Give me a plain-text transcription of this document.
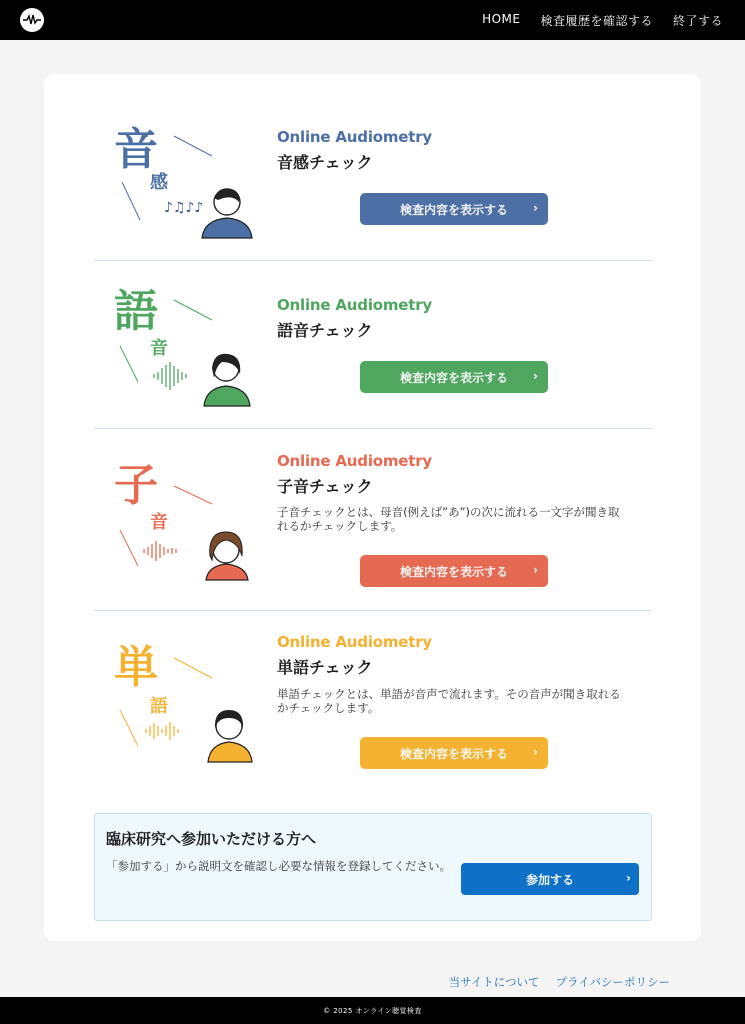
HOME 検査履歴を確認する 終了する
音
感
♪♫♪♪
Online Audiometry
音感チェック
検査内容を表示する ›
語
音
Online Audiometry
語音チェック
検査内容を表示する ›
子
音
Online Audiometry
子音チェック
子音チェックとは、母音(例えば”あ”)の次に流れる一文字が聞き取れるかチェックします。
検査内容を表示する ›
単
語
Online Audiometry
単語チェック
単語チェックとは、単語が音声で流れます。その音声が聞き取れるかチェックします。
検査内容を表示する ›
臨床研究へ参加いただける方へ
「参加する」から説明文を確認し必要な情報を登録してください。
参加する	›
当サイトについて プライバシーポリシー
© 2025 オンライン聴覚検査
